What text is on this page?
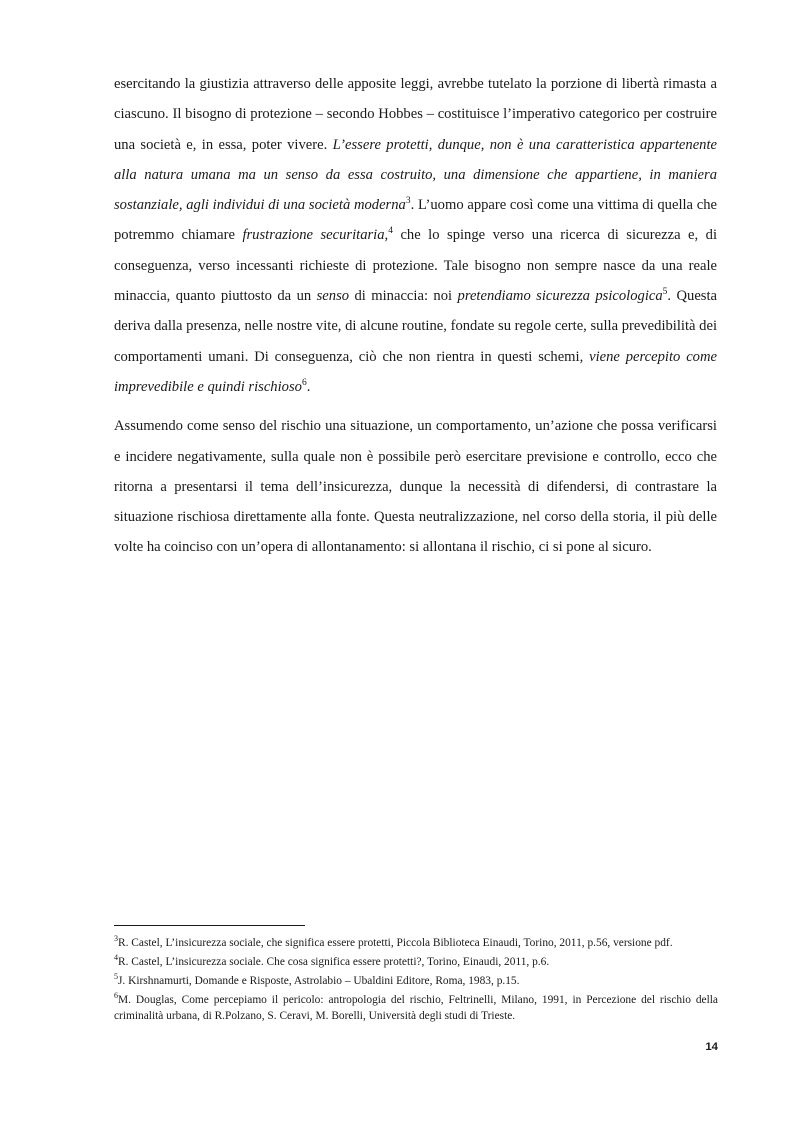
esercitando la giustizia attraverso delle apposite leggi, avrebbe tutelato la porzione di libertà rimasta a ciascuno. Il bisogno di protezione – secondo Hobbes – costituisce l’imperativo categorico per costruire una società e, in essa, poter vivere. L’essere protetti, dunque, non è una caratteristica appartenente alla natura umana ma un senso da essa costruito, una dimensione che appartiene, in maniera sostanziale, agli individui di una società moderna$^3$. L’uomo appare così come una vittima di quella che potremmo chiamare frustrazione securitaria,$^4$ che lo spinge verso una ricerca di sicurezza e, di conseguenza, verso incessanti richieste di protezione. Tale bisogno non sempre nasce da una reale minaccia, quanto piuttosto da un senso di minaccia: noi pretendiamo sicurezza psicologica$^5$. Questa deriva dalla presenza, nelle nostre vite, di alcune routine, fondate su regole certe, sulla prevedibilità dei comportamenti umani. Di conseguenza, ciò che non rientra in questi schemi, viene percepito come imprevedibile e quindi rischioso$^6$.

Assumendo come senso del rischio una situazione, un comportamento, un’azione che possa verificarsi e incidere negativamente, sulla quale non è possibile però esercitare previsione e controllo, ecco che ritorna a presentarsi il tema dell’insicurezza, dunque la necessità di difendersi, di contrastare la situazione rischiosa direttamente alla fonte. Questa neutralizzazione, nel corso della storia, il più delle volte ha coinciso con un’opera di allontanamento: si allontana il rischio, ci si pone al sicuro.

$^3$R. Castel, L’insicurezza sociale, che significa essere protetti, Piccola Biblioteca Einaudi, Torino, 2011, p.56, versione pdf.

$^4$R. Castel, L’insicurezza sociale. Che cosa significa essere protetti?, Torino, Einaudi, 2011, p.6.

$^5$J. Kirshnamurti, Domande e Risposte, Astrolabio – Ubaldini Editore, Roma, 1983, p.15.

$^6$M. Douglas, Come percepiamo il pericolo: antropologia del rischio, Feltrinelli, Milano, 1991, in Percezione del rischio della criminalità urbana, di R.Polzano, S. Ceravi, M. Borelli, Università degli studi di Trieste.

14
